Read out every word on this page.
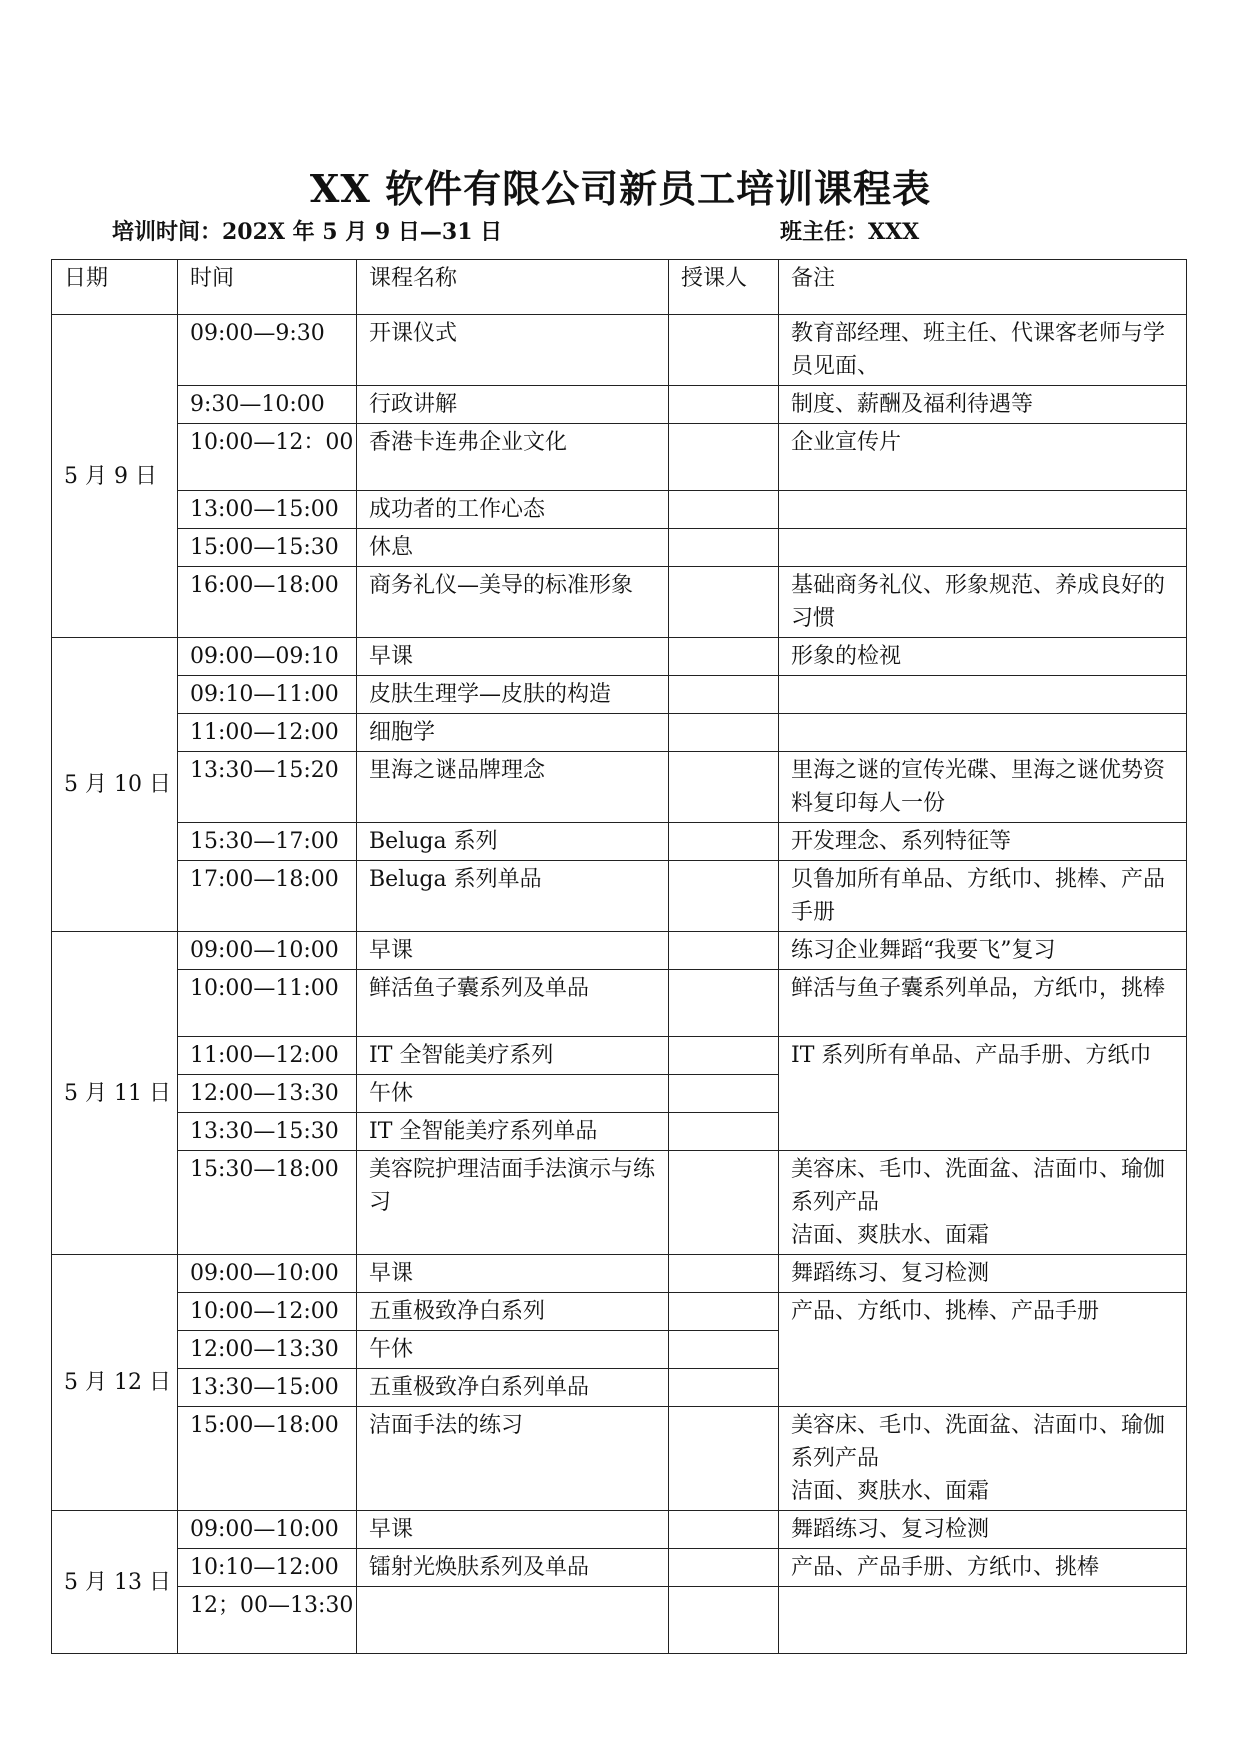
XX 软件有限公司新员工培训课程表
培训时间：202X 年 5 月 9 日—31 日	班主任：XXX
日期	时间	课程名称	授课人	备注
5 月 9 日	09:00—9:30	开课仪式		教育部经理、班主任、代课客老师与学员见面、
	9:30—10:00	行政讲解		制度、薪酬及福利待遇等
	10:00—12：00	香港卡连弗企业文化		企业宣传片
	13:00—15:00	成功者的工作心态		
	15:00—15:30	休息		
	16:00—18:00	商务礼仪—美导的标准形象		基础商务礼仪、形象规范、养成良好的习惯
5 月 10 日	09:00—09:10	早课		形象的检视
	09:10—11:00	皮肤生理学—皮肤的构造		
	11:00—12:00	细胞学		
	13:30—15:20	里海之谜品牌理念		里海之谜的宣传光碟、里海之谜优势资料复印每人一份
	15:30—17:00	Beluga 系列		开发理念、系列特征等
	17:00—18:00	Beluga 系列单品		贝鲁加所有单品、方纸巾、挑棒、产品手册
5 月 11 日	09:00—10:00	早课		练习企业舞蹈“我要飞”复习
	10:00—11:00	鲜活鱼子囊系列及单品		鲜活与鱼子囊系列单品，方纸巾，挑棒
	11:00—12:00	IT 全智能美疗系列		IT 系列所有单品、产品手册、方纸巾
	12:00—13:30	午休		
	13:30—15:30	IT 全智能美疗系列单品		
	15:30—18:00	美容院护理洁面手法演示与练习		美容床、毛巾、洗面盆、洁面巾、瑜伽系列产品
洁面、爽肤水、面霜

5 月 12 日	09:00—10:00	早课		舞蹈练习、复习检测
	10:00—12:00	五重极致净白系列		产品、方纸巾、挑棒、产品手册
	12:00—13:30	午休		
	13:30—15:00	五重极致净白系列单品		
	15:00—18:00	洁面手法的练习		美容床、毛巾、洗面盆、洁面巾、瑜伽系列产品
洁面、爽肤水、面霜

5 月 13 日	09:00—10:00	早课		舞蹈练习、复习检测
	10:10—12:00	镭射光焕肤系列及单品		产品、产品手册、方纸巾、挑棒
	12；00—13:30			
